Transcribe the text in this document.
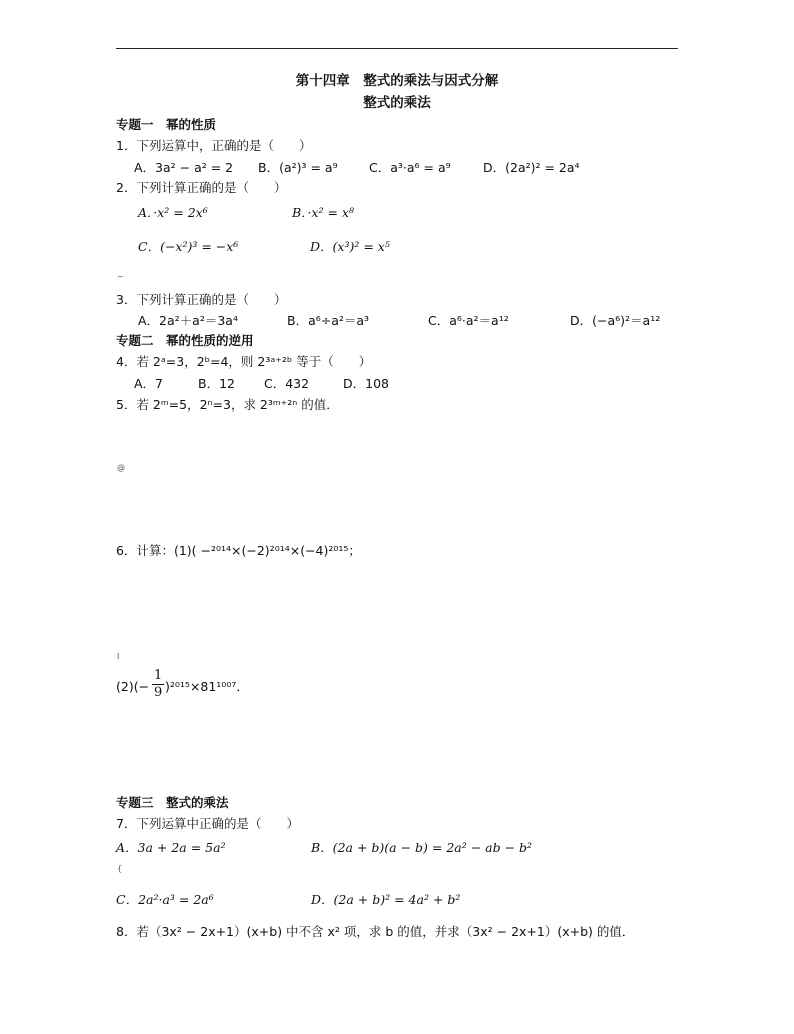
第十四章　整式的乘法与因式分解
整式的乘法
专题一　幂的性质
1．下列运算中，正确的是（　　）
A．3a² − a² = 2 B．(a²)³ = a⁹	C．a³·a⁶ = a⁹	D．(2a²)² = 2a⁴
2．下列计算正确的是（　　）
A．·x² = 2x⁶	B．·x² = x⁸
C．(−x²)³ = −x⁶	D．(x³)² = x⁵
~
3．下列计算正确的是（　　）
A．2a²＋a²＝3a⁴	B．a⁶÷a²＝a³	C．a⁶·a²＝a¹²	D．(−a⁶)²＝a¹²
专题二　幂的性质的逆用
4．若 2ᵃ=3，2ᵇ=4，则 2³ᵃ⁺²ᵇ 等于（　　）
A．7	B．12 C．432	D．108
5．若 2ᵐ=5，2ⁿ=3，求 2³ᵐ⁺²ⁿ 的值．
@
6．计算：(1)( −²⁰¹⁴×(−2)²⁰¹⁴×(−4)²⁰¹⁵；
I
(2)(−
1
9 )²⁰¹⁵×81¹⁰⁰⁷．
专题三　整式的乘法
7．下列运算中正确的是（　　）
A．3a + 2a = 5a²	B．(2a + b)(a − b) = 2a² − ab − b²
{
C．2a²·a³ = 2a⁶	D．(2a + b)² = 4a² + b²
8．若（3x² − 2x+1）(x+b) 中不含 x² 项，求 b 的值，并求（3x² − 2x+1）(x+b) 的值．
